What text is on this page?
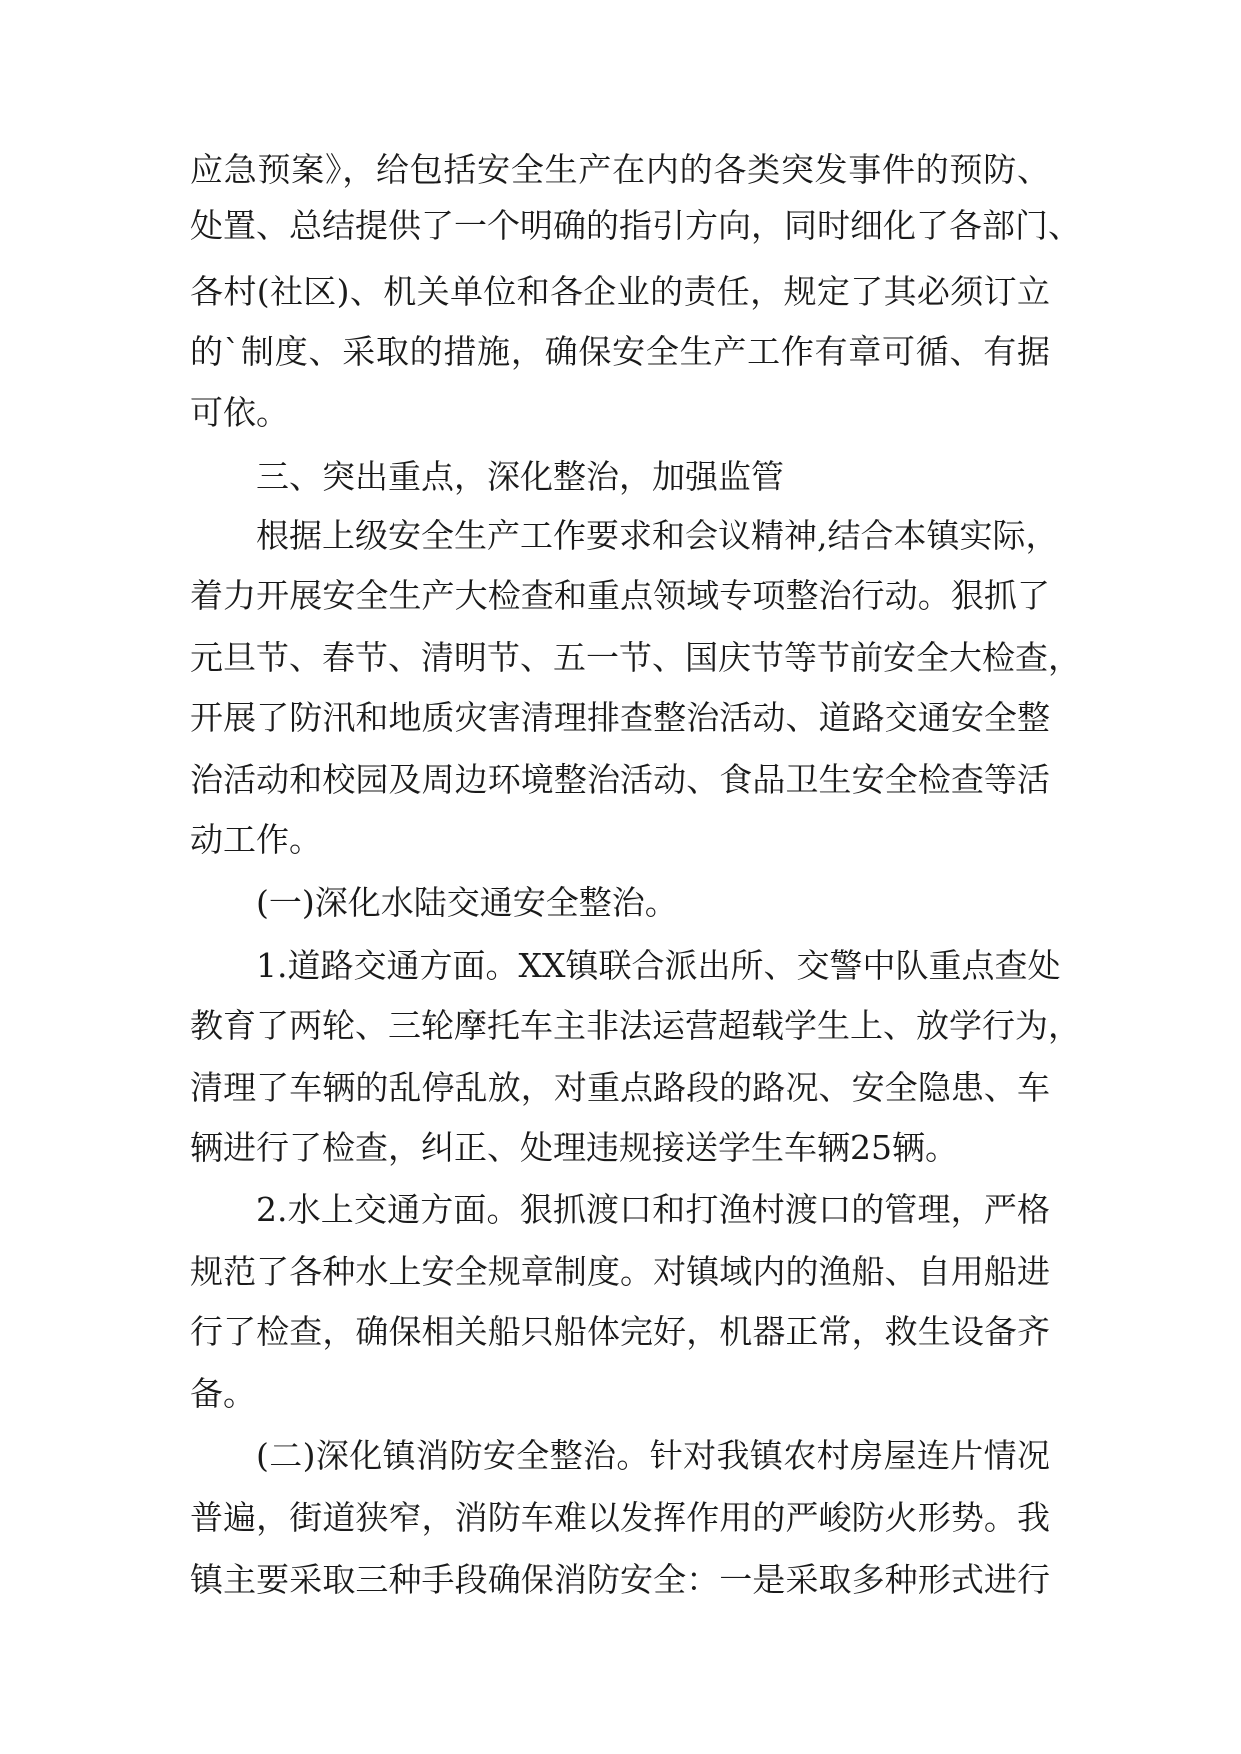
应急预案》，给包括安全生产在内的各类突发事件的预防、
处置、总结提供了一个明确的指引方向，同时细化了各部门、
各村(社区)、机关单位和各企业的责任，规定了其必须订立
的`制度、采取的措施，确保安全生产工作有章可循、有据
可依。
三、突出重点，深化整治，加强监管
根据上级安全生产工作要求和会议精神,结合本镇实际，
着力开展安全生产大检查和重点领域专项整治行动。狠抓了
元旦节、春节、清明节、五一节、国庆节等节前安全大检查，
开展了防汛和地质灾害清理排查整治活动、道路交通安全整
治活动和校园及周边环境整治活动、食品卫生安全检查等活
动工作。
(一)深化水陆交通安全整治。
1.道路交通方面。XX镇联合派出所、交警中队重点查处
教育了两轮、三轮摩托车主非法运营超载学生上、放学行为，
清理了车辆的乱停乱放，对重点路段的路况、安全隐患、车
辆进行了检查，纠正、处理违规接送学生车辆25辆。
2.水上交通方面。狠抓渡口和打渔村渡口的管理，严格
规范了各种水上安全规章制度。对镇域内的渔船、自用船进
行了检查，确保相关船只船体完好，机器正常，救生设备齐
备。
(二)深化镇消防安全整治。针对我镇农村房屋连片情况
普遍，街道狭窄，消防车难以发挥作用的严峻防火形势。我
镇主要采取三种手段确保消防安全：一是采取多种形式进行
